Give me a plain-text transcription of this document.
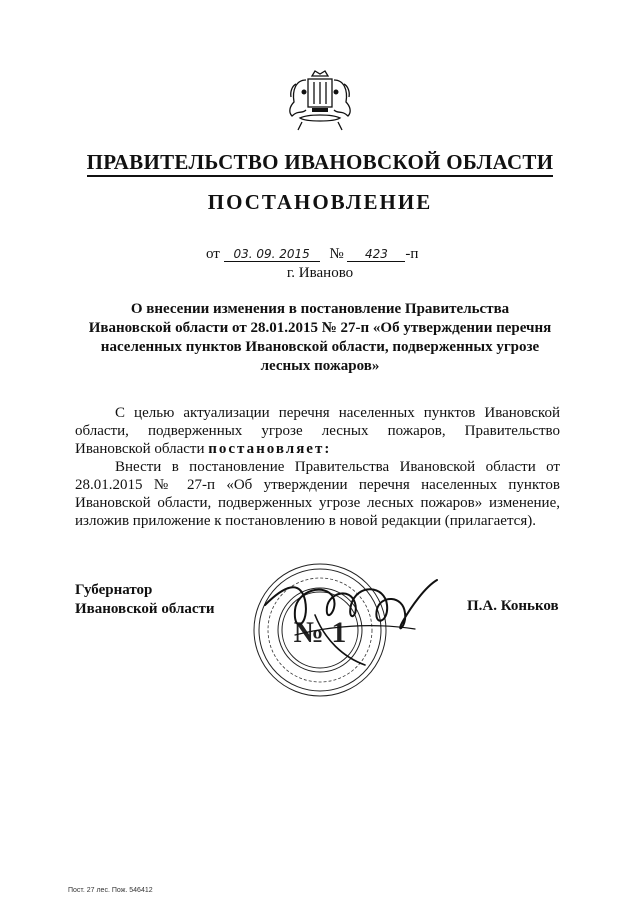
ПРАВИТЕЛЬСТВО ИВАНОВСКОЙ ОБЛАСТИ
ПОСТАНОВЛЕНИЕ
от 03. 09. 2015 № 423 -п
г. Иваново
О внесении изменения в постановление Правительства
Ивановской области от 28.01.2015 № 27-п «Об утверждении перечня
населенных пунктов Ивановской области, подверженных угрозе
лесных пожаров»

С целью актуализации перечня населенных пунктов Ивановской области, подверженных угрозе лесных пожаров, Правительство Ивановской области постановляет:

Внести в постановление Правительства Ивановской области от 28.01.2015 № 27-п «Об утверждении перечня населенных пунктов Ивановской области, подверженных угрозе лесных пожаров» изменение, изложив приложение к постановлению в новой редакции (прилагается).

№ 1
Губернатор
Ивановской области	П.А. Коньков
Пост. 27 лес. Пож. 546412
